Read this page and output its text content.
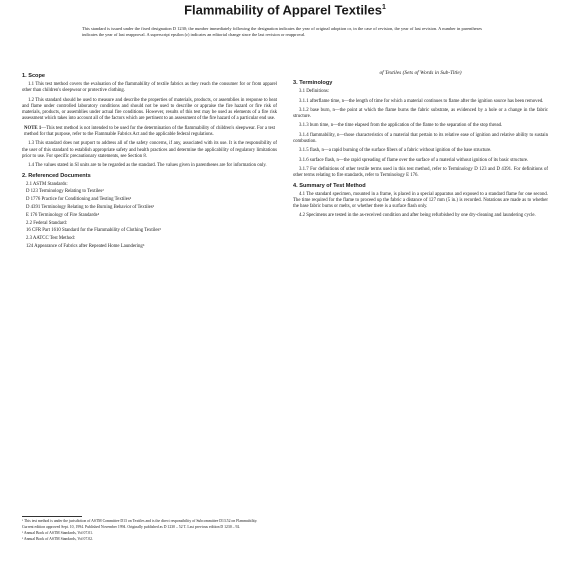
Flammability of Apparel Textiles$^1$
This standard is issued under the fixed designation D 1230; the number immediately following the designation indicates the year of original adoption or, in the case of revision, the year of last revision. A number in parentheses indicates the year of last reapproval. A superscript epsilon (ε) indicates an editorial change since the last revision or reapproval.
1. Scope

1.1 This test method covers the evaluation of the flammability of textile fabrics as they reach the consumer for or from apparel other than children's sleepwear or protective clothing.

1.2 This standard should be used to measure and describe the properties of materials, products, or assemblies in response to heat and flame under controlled laboratory conditions and should not be used to describe or appraise the fire hazard or fire risk of materials, products, or assemblies under actual fire conditions. However, results of this test may be used as elements of a fire risk assessment which takes into account all of the factors which are pertinent to an assessment of the fire hazard of a particular end use.

NOTE 1—This test method is not intended to be used for the determination of the flammability of children's sleepwear. For a test method for that purpose, refer to the Flammable Fabrics Act and the applicable federal regulations.

1.3 This standard does not purport to address all of the safety concerns, if any, associated with its use. It is the responsibility of the user of this standard to establish appropriate safety and health practices and determine the applicability of regulatory limitations prior to use. For specific precautionary statements, see Section 8.

1.4 The values stated in SI units are to be regarded as the standard. The values given in parentheses are for information only.

2. Referenced Documents
2.1 ASTM Standards:
D 123 Terminology Relating to Textiles²
D 1776 Practice for Conditioning and Testing Textiles²
D 4391 Terminology Relating to the Burning Behavior of Textiles³
E 176 Terminology of Fire Standards⁴
2.2 Federal Standard:
16 CFR Part 1610 Standard for the Flammability of Clothing Textiles⁵
2.3 AATCC Test Method:
124 Appearance of Fabrics after Repeated Home Laundering⁶
¹ This test method is under the jurisdiction of ASTM Committee D13 on Textiles and is the direct responsibility of Subcommittee D13.52 on Flammability.
Current edition approved Sept. 10, 1994. Published November 1994. Originally published as D 1230 – 52 T. Last previous edition D 1230 – 92.
² Annual Book of ASTM Standards, Vol 07.01.
³ Annual Book of ASTM Standards, Vol 07.02.
of Textiles (Sets of Words in Sub-Title)
3. Terminology

3.1 Definitions:

3.1.1 afterflame time, n—the length of time for which a material continues to flame after the ignition source has been removed.

3.1.2 base burn, n—the point at which the flame burns the fabric substrate, as evidenced by a hole or a change in the fabric structure.

3.1.3 burn time, n—the time elapsed from the application of the flame to the separation of the stop thread.

3.1.4 flammability, n—those characteristics of a material that pertain to its relative ease of ignition and relative ability to sustain combustion.

3.1.5 flash, n—a rapid burning of the surface fibers of a fabric without ignition of the base structure.

3.1.6 surface flash, n—the rapid spreading of flame over the surface of a material without ignition of its basic structure.

3.1.7 For definitions of other textile terms used in this test method, refer to Terminology D 123 and D 4391. For definitions of other terms relating to fire standards, refer to Terminology E 176.

4. Summary of Test Method

4.1 The standard specimen, mounted in a frame, is placed in a special apparatus and exposed to a standard flame for one second. The time required for the flame to proceed up the fabric a distance of 127 mm (5 in.) is recorded. Notations are made as to whether the base fabric burns or melts, or whether there is a surface flash only.

4.2 Specimens are tested in the as-received condition and after being refurbished by one dry-cleaning and laundering cycle.
